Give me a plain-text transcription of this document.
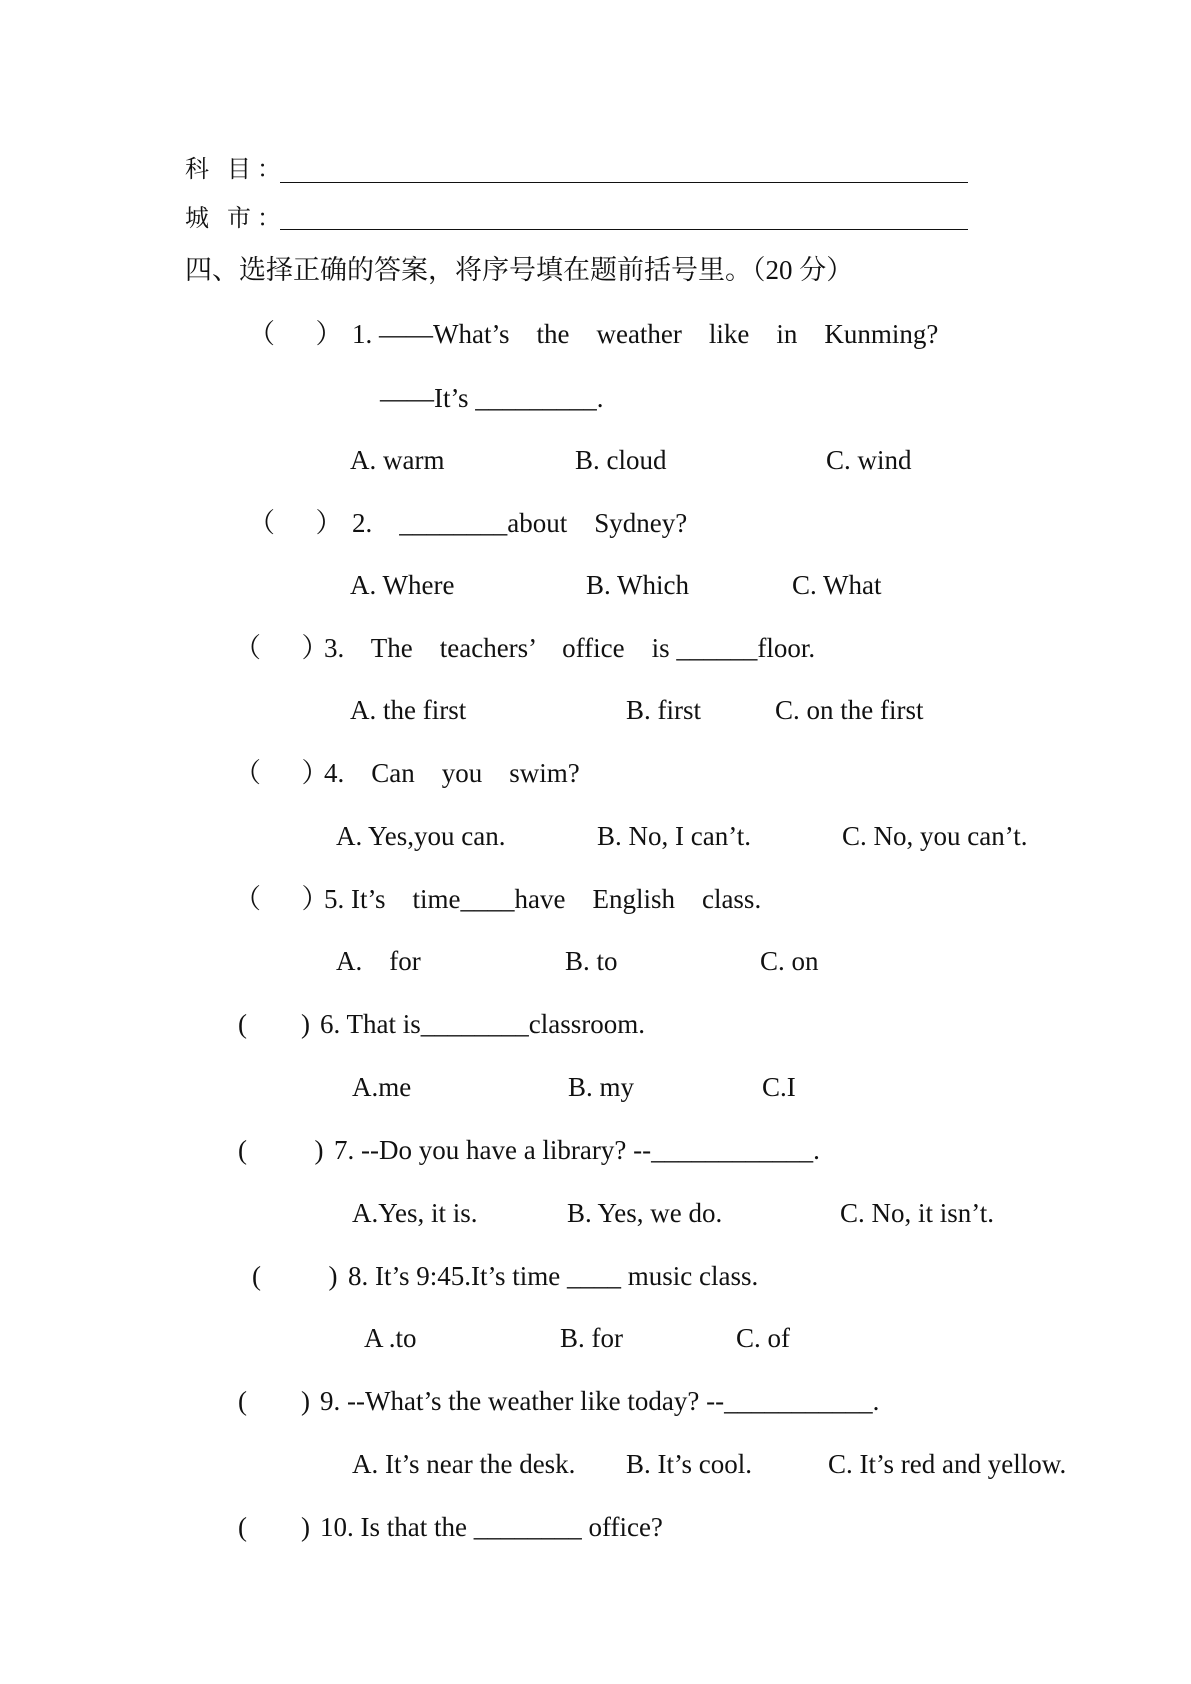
科 目：
城 市：
四、选择正确的答案，将序号填在题前括号里。（20 分）
（      ） 1. ——What’s    the    weather    like    in    Kunming?
——It’s _________.
A. warm	B. cloud	C. wind
（      ） 2.    ________about    Sydney?
A. Where	B. Which	C. What
（      ）
3.    The    teachers’    office    is ______floor.
A. the first	B. first	C. on the first
（      ）
4.    Can    you    swim?
A. Yes,you can.	B. No, I can’t.	C. No, you can’t.
（      ）
5. It’s    time____have    English    class.
A.    for	B. to	C. on
(        ) 6. That is________classroom.
A.me	B. my	C.I
(          ) 7. --Do you have a library? --____________.
A.Yes, it is.	B. Yes, we do.	C. No, it isn’t.
(          ) 8. It’s 9:45.It’s time ____ music class.
A .to	B. for	C. of
(        ) 9. --What’s the weather like today? --___________.
A. It’s near the desk. B. It’s cool.	C. It’s red and yellow.
(        ) 10. Is that the ________ office?
